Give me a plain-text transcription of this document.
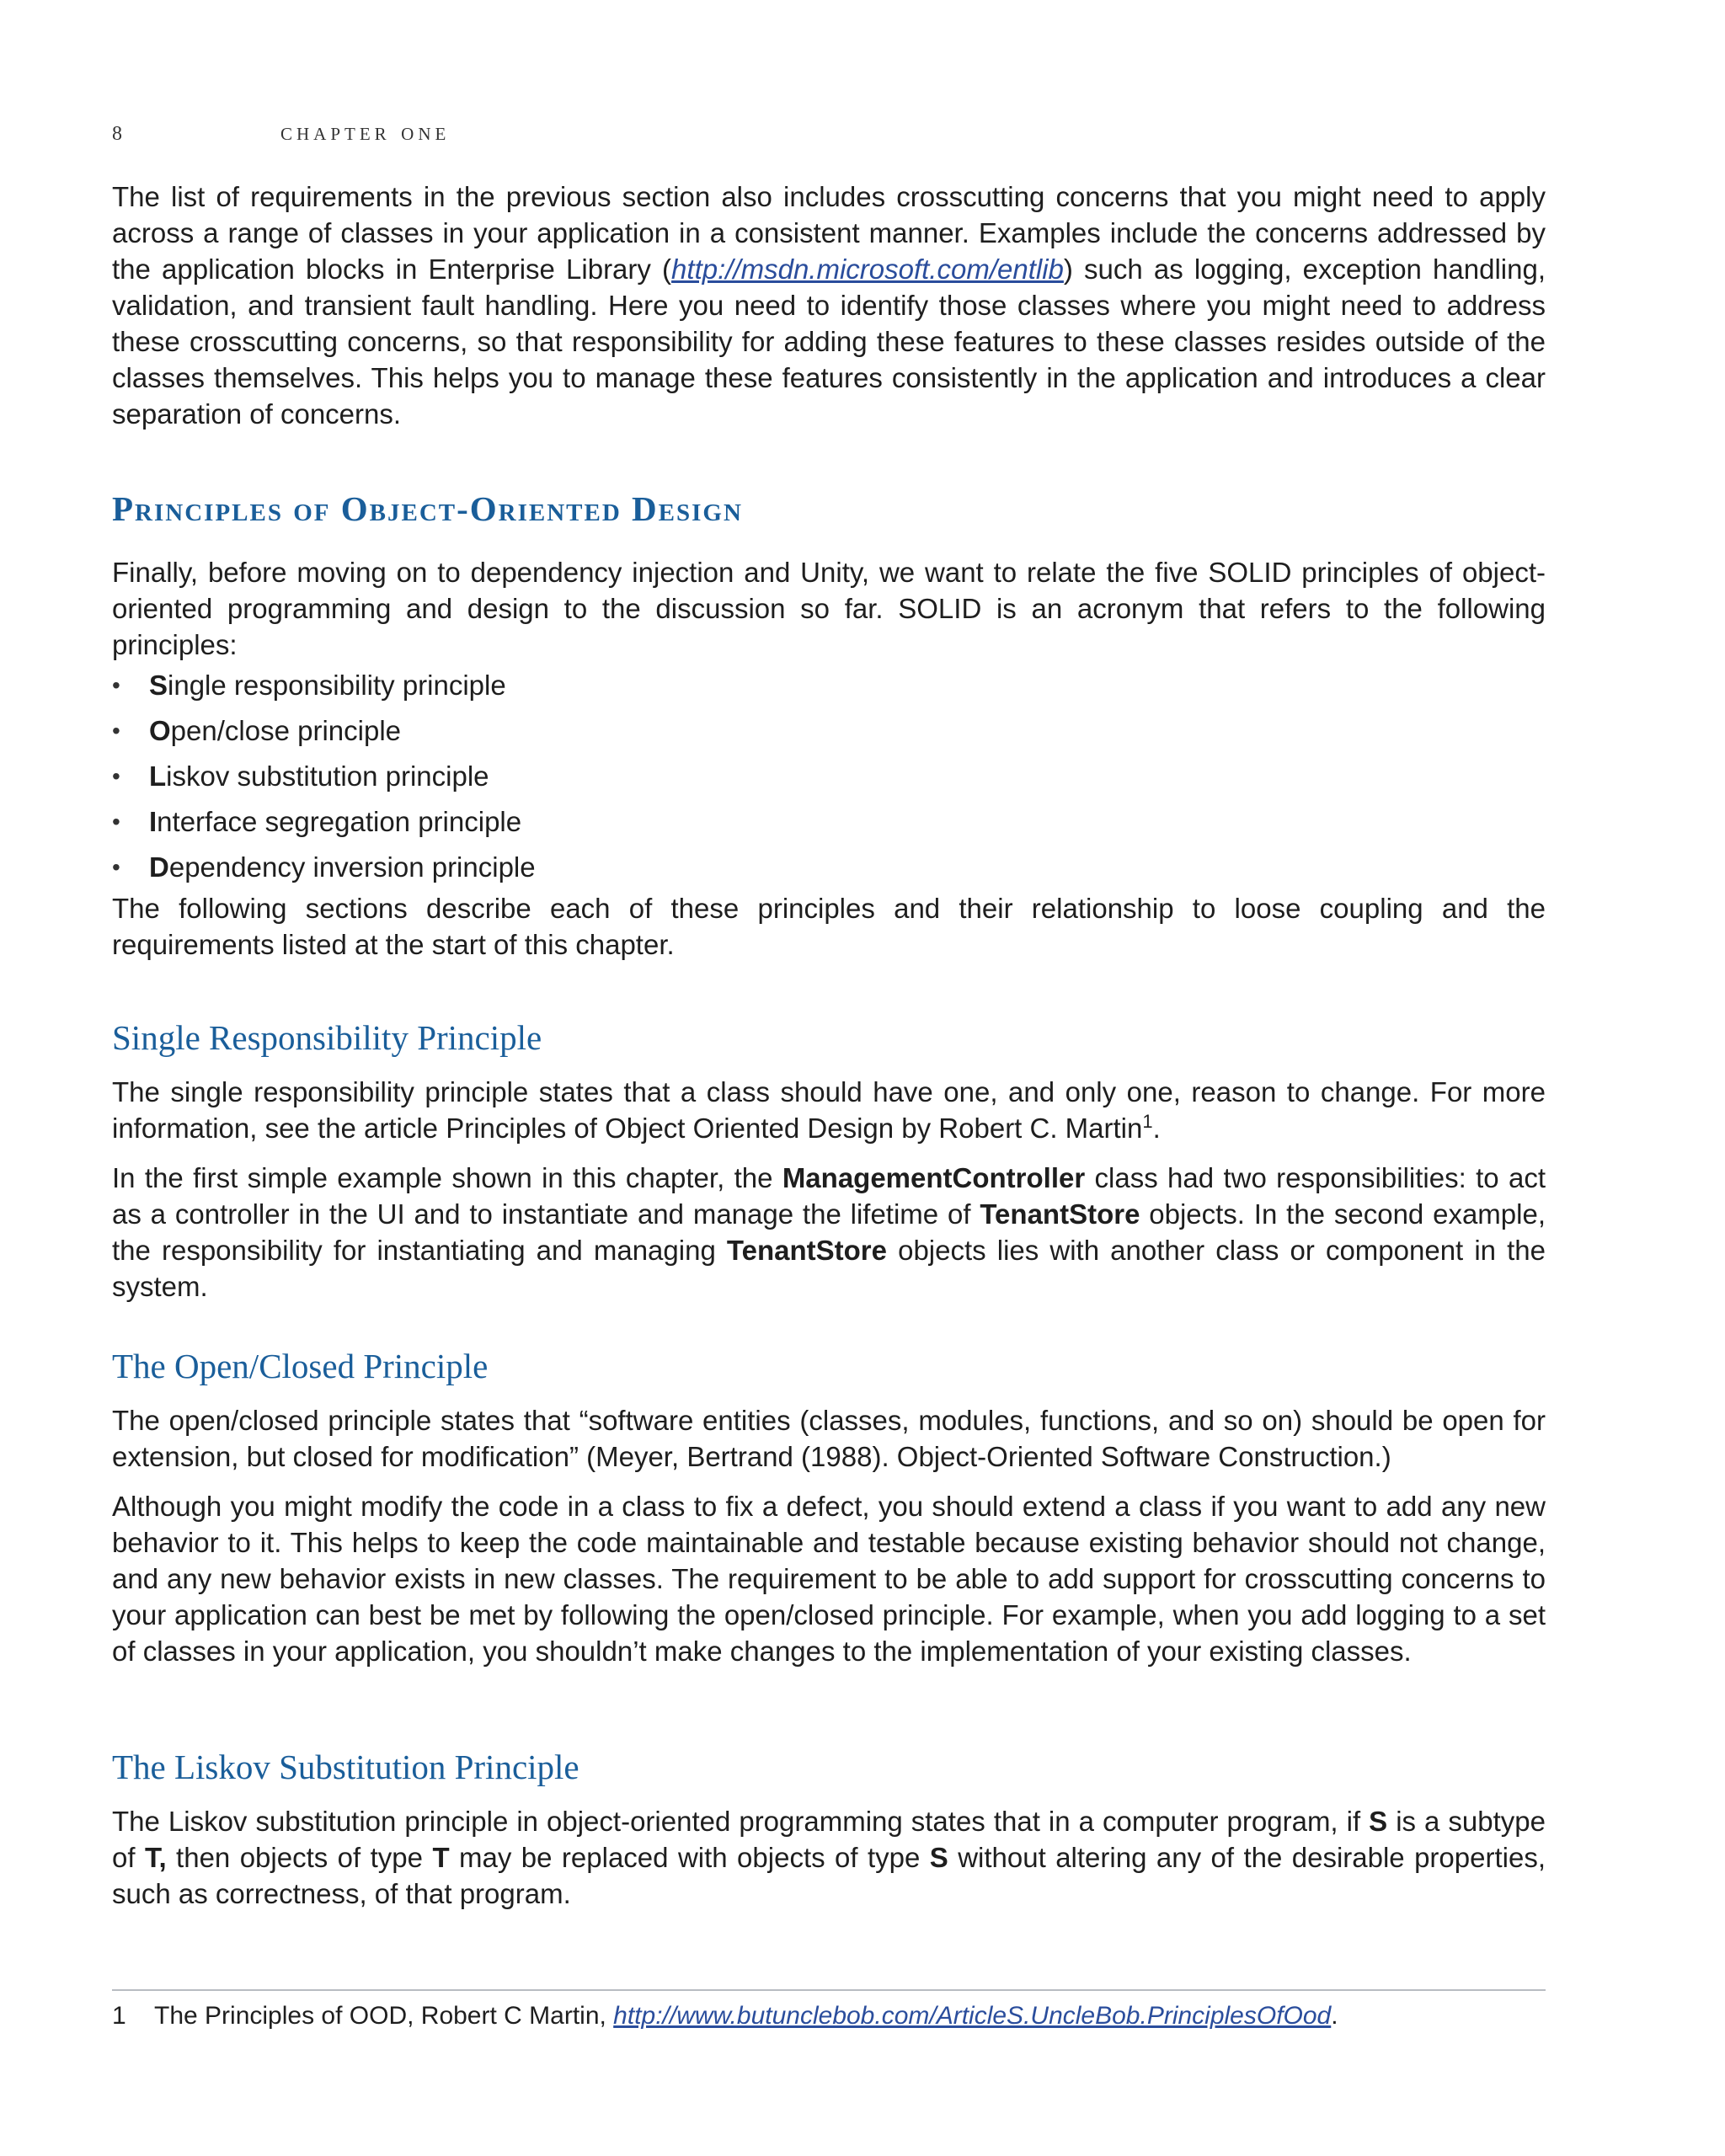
8	chapter one

The list of requirements in the previous section also includes crosscutting concerns that you might need to apply across a range of classes in your application in a consistent manner. Examples include the concerns addressed by the application blocks in Enterprise Library (http://msdn.microsoft.com/entlib) such as logging, exception handling, validation, and transient fault handling. Here you need to identify those classes where you might need to address these crosscutting concerns, so that responsibility for adding these features to these classes resides outside of the classes themselves. This helps you to manage these features consistently in the application and introduces a clear separation of concerns.

Principles of Object-Oriented Design

Finally, before moving on to dependency injection and Unity, we want to relate the five SOLID principles of object-oriented programming and design to the discussion so far. SOLID is an acronym that refers to the following principles:

• Single responsibility principle
• Open/close principle
• Liskov substitution principle
• Interface segregation principle
• Dependency inversion principle

The following sections describe each of these principles and their relationship to loose coupling and the requirements listed at the start of this chapter.

Single Responsibility Principle

The single responsibility principle states that a class should have one, and only one, reason to change. For more information, see the article Principles of Object Oriented Design by Robert C. Martin$^1$.

In the first simple example shown in this chapter, the ManagementController class had two responsibilities: to act as a controller in the UI and to instantiate and manage the lifetime of TenantStore objects. In the second example, the responsibility for instantiating and managing TenantStore objects lies with another class or component in the system.

The Open/Closed Principle

The open/closed principle states that “software entities (classes, modules, functions, and so on) should be open for extension, but closed for modification” (Meyer, Bertrand (1988). Object-Oriented Software Construction.)

Although you might modify the code in a class to fix a defect, you should extend a class if you want to add any new behavior to it. This helps to keep the code maintainable and testable because existing behavior should not change, and any new behavior exists in new classes. The requirement to be able to add support for crosscutting concerns to your application can best be met by following the open/closed principle. For example, when you add logging to a set of classes in your application, you shouldn’t make changes to the implementation of your existing classes.

The Liskov Substitution Principle

The Liskov substitution principle in object-oriented programming states that in a computer program, if S is a subtype of T, then objects of type T may be replaced with objects of type S without altering any of the desirable properties, such as correctness, of that program.

1 The Principles of OOD, Robert C Martin, http://www.butunclebob.com/ArticleS.UncleBob.PrinciplesOfOod.
